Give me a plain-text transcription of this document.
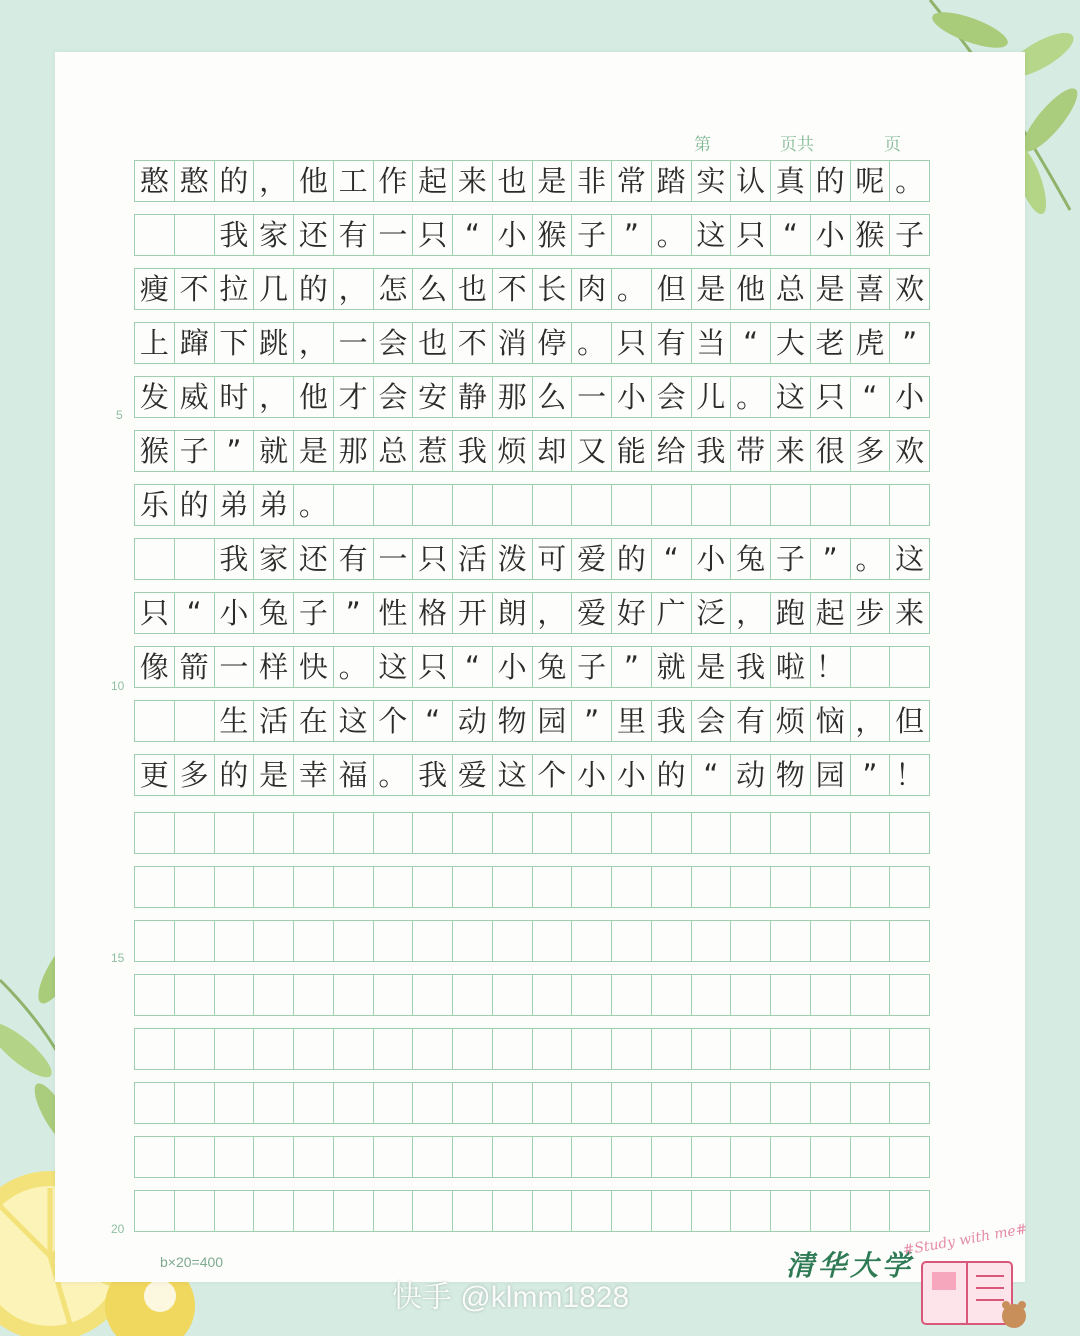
第	页共	页
憨 憨 的 ， 他 工 作 起 来 也 是 非 常 踏 实 认 真 的 呢 。
我 家 还 有 一 只 “ 小 猴 子 ” 。 这 只 “ 小 猴 子
瘦 不 拉 几 的 ， 怎 么 也 不 长 肉 。 但 是 他 总 是 喜 欢
上 蹿 下 跳 ， 一 会 也 不 消 停 。 只 有 当 “ 大 老 虎 ”
发 威 时 ， 他 才 会 安 静 那 么 一 小 会 儿 。 这 只 “ 小
猴 子 ” 就 是 那 总 惹 我 烦 却 又 能 给 我 带 来 很 多 欢
乐 的 弟 弟 。
我 家 还 有 一 只 活 泼 可 爱 的 “ 小 兔 子 ” 。 这
只 “ 小 兔 子 ” 性 格 开 朗 ， 爱 好 广 泛 ， 跑 起 步 来
像 箭 一 样 快 。 这 只 “ 小 兔 子 ” 就 是 我 啦 ！
生 活 在 这 个 “ 动 物 园 ” 里 我 会 有 烦 恼 ， 但
更 多 的 是 幸 福 。 我 爱 这 个 小 小 的 “ 动 物 园 ” ！
5
10
15
20
b×20=400	清华大学
#Study with me#
快手 @klmm1828
